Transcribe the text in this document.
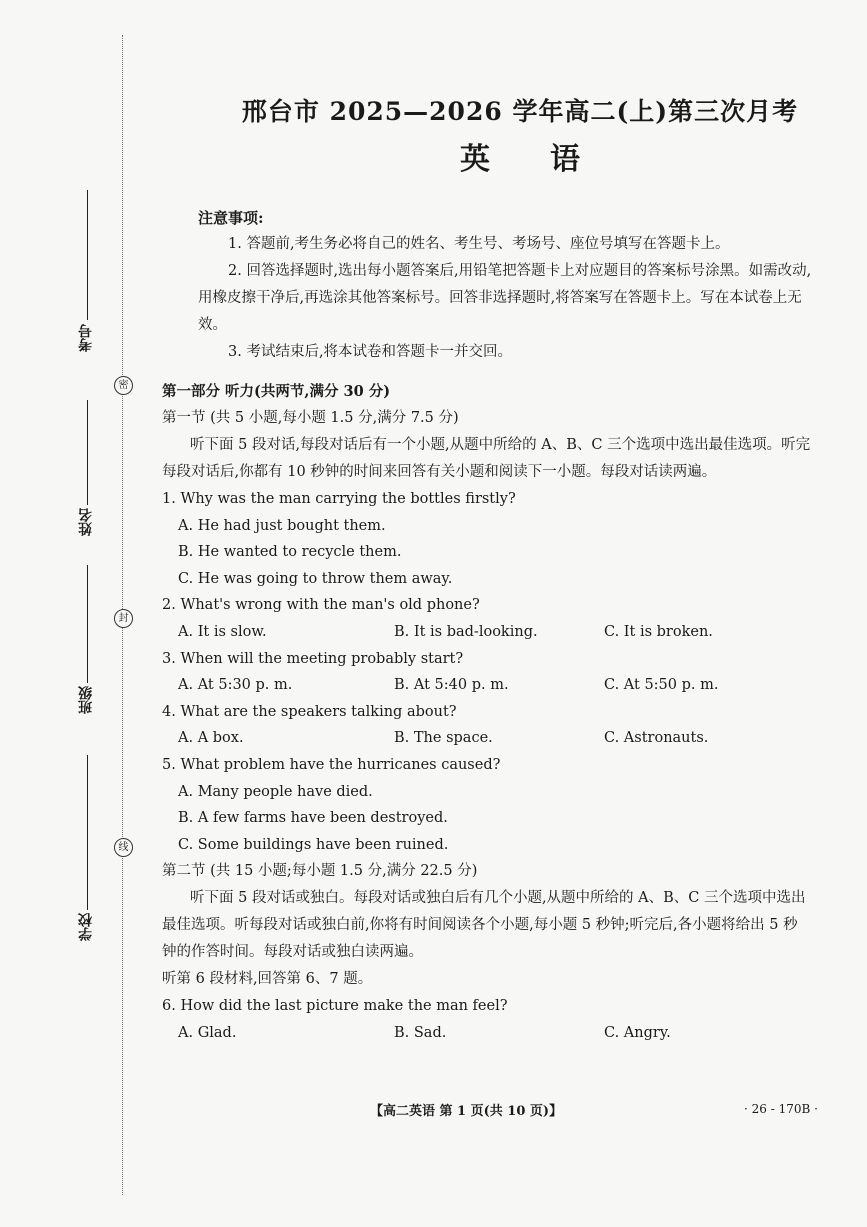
密
封
线
考号
姓名
班级
学校
邢台市 2025—2026 学年高二(上)第三次月考
英语
注意事项:
1. 答题前,考生务必将自己的姓名、考生号、考场号、座位号填写在答题卡上。
2. 回答选择题时,选出每小题答案后,用铅笔把答题卡上对应题目的答案标号涂黑。如需改动,用橡皮擦干净后,再选涂其他答案标号。回答非选择题时,将答案写在答题卡上。写在本试卷上无效。
3. 考试结束后,将本试卷和答题卡一并交回。
第一部分 听力(共两节,满分 30 分)
第一节 (共 5 小题,每小题 1.5 分,满分 7.5 分)
听下面 5 段对话,每段对话后有一个小题,从题中所给的 A、B、C 三个选项中选出最佳选项。听完每段对话后,你都有 10 秒钟的时间来回答有关小题和阅读下一小题。每段对话读两遍。
1. Why was the man carrying the bottles firstly?
A. He had just bought them.
B. He wanted to recycle them.
C. He was going to throw them away.
2. What's wrong with the man's old phone?
A. It is slow.	B. It is bad-looking.	C. It is broken.
3. When will the meeting probably start?
A. At 5:30 p. m.	B. At 5:40 p. m.	C. At 5:50 p. m.
4. What are the speakers talking about?
A. A box.	B. The space.	C. Astronauts.
5. What problem have the hurricanes caused?
A. Many people have died.
B. A few farms have been destroyed.
C. Some buildings have been ruined.
第二节 (共 15 小题;每小题 1.5 分,满分 22.5 分)
听下面 5 段对话或独白。每段对话或独白后有几个小题,从题中所给的 A、B、C 三个选项中选出最佳选项。听每段对话或独白前,你将有时间阅读各个小题,每小题 5 秒钟;听完后,各小题将给出 5 秒钟的作答时间。每段对话或独白读两遍。
听第 6 段材料,回答第 6、7 题。
6. How did the last picture make the man feel?
A. Glad.	B. Sad.	C. Angry.
【高二英语 第 1 页(共 10 页)】	· 26 - 170B ·
